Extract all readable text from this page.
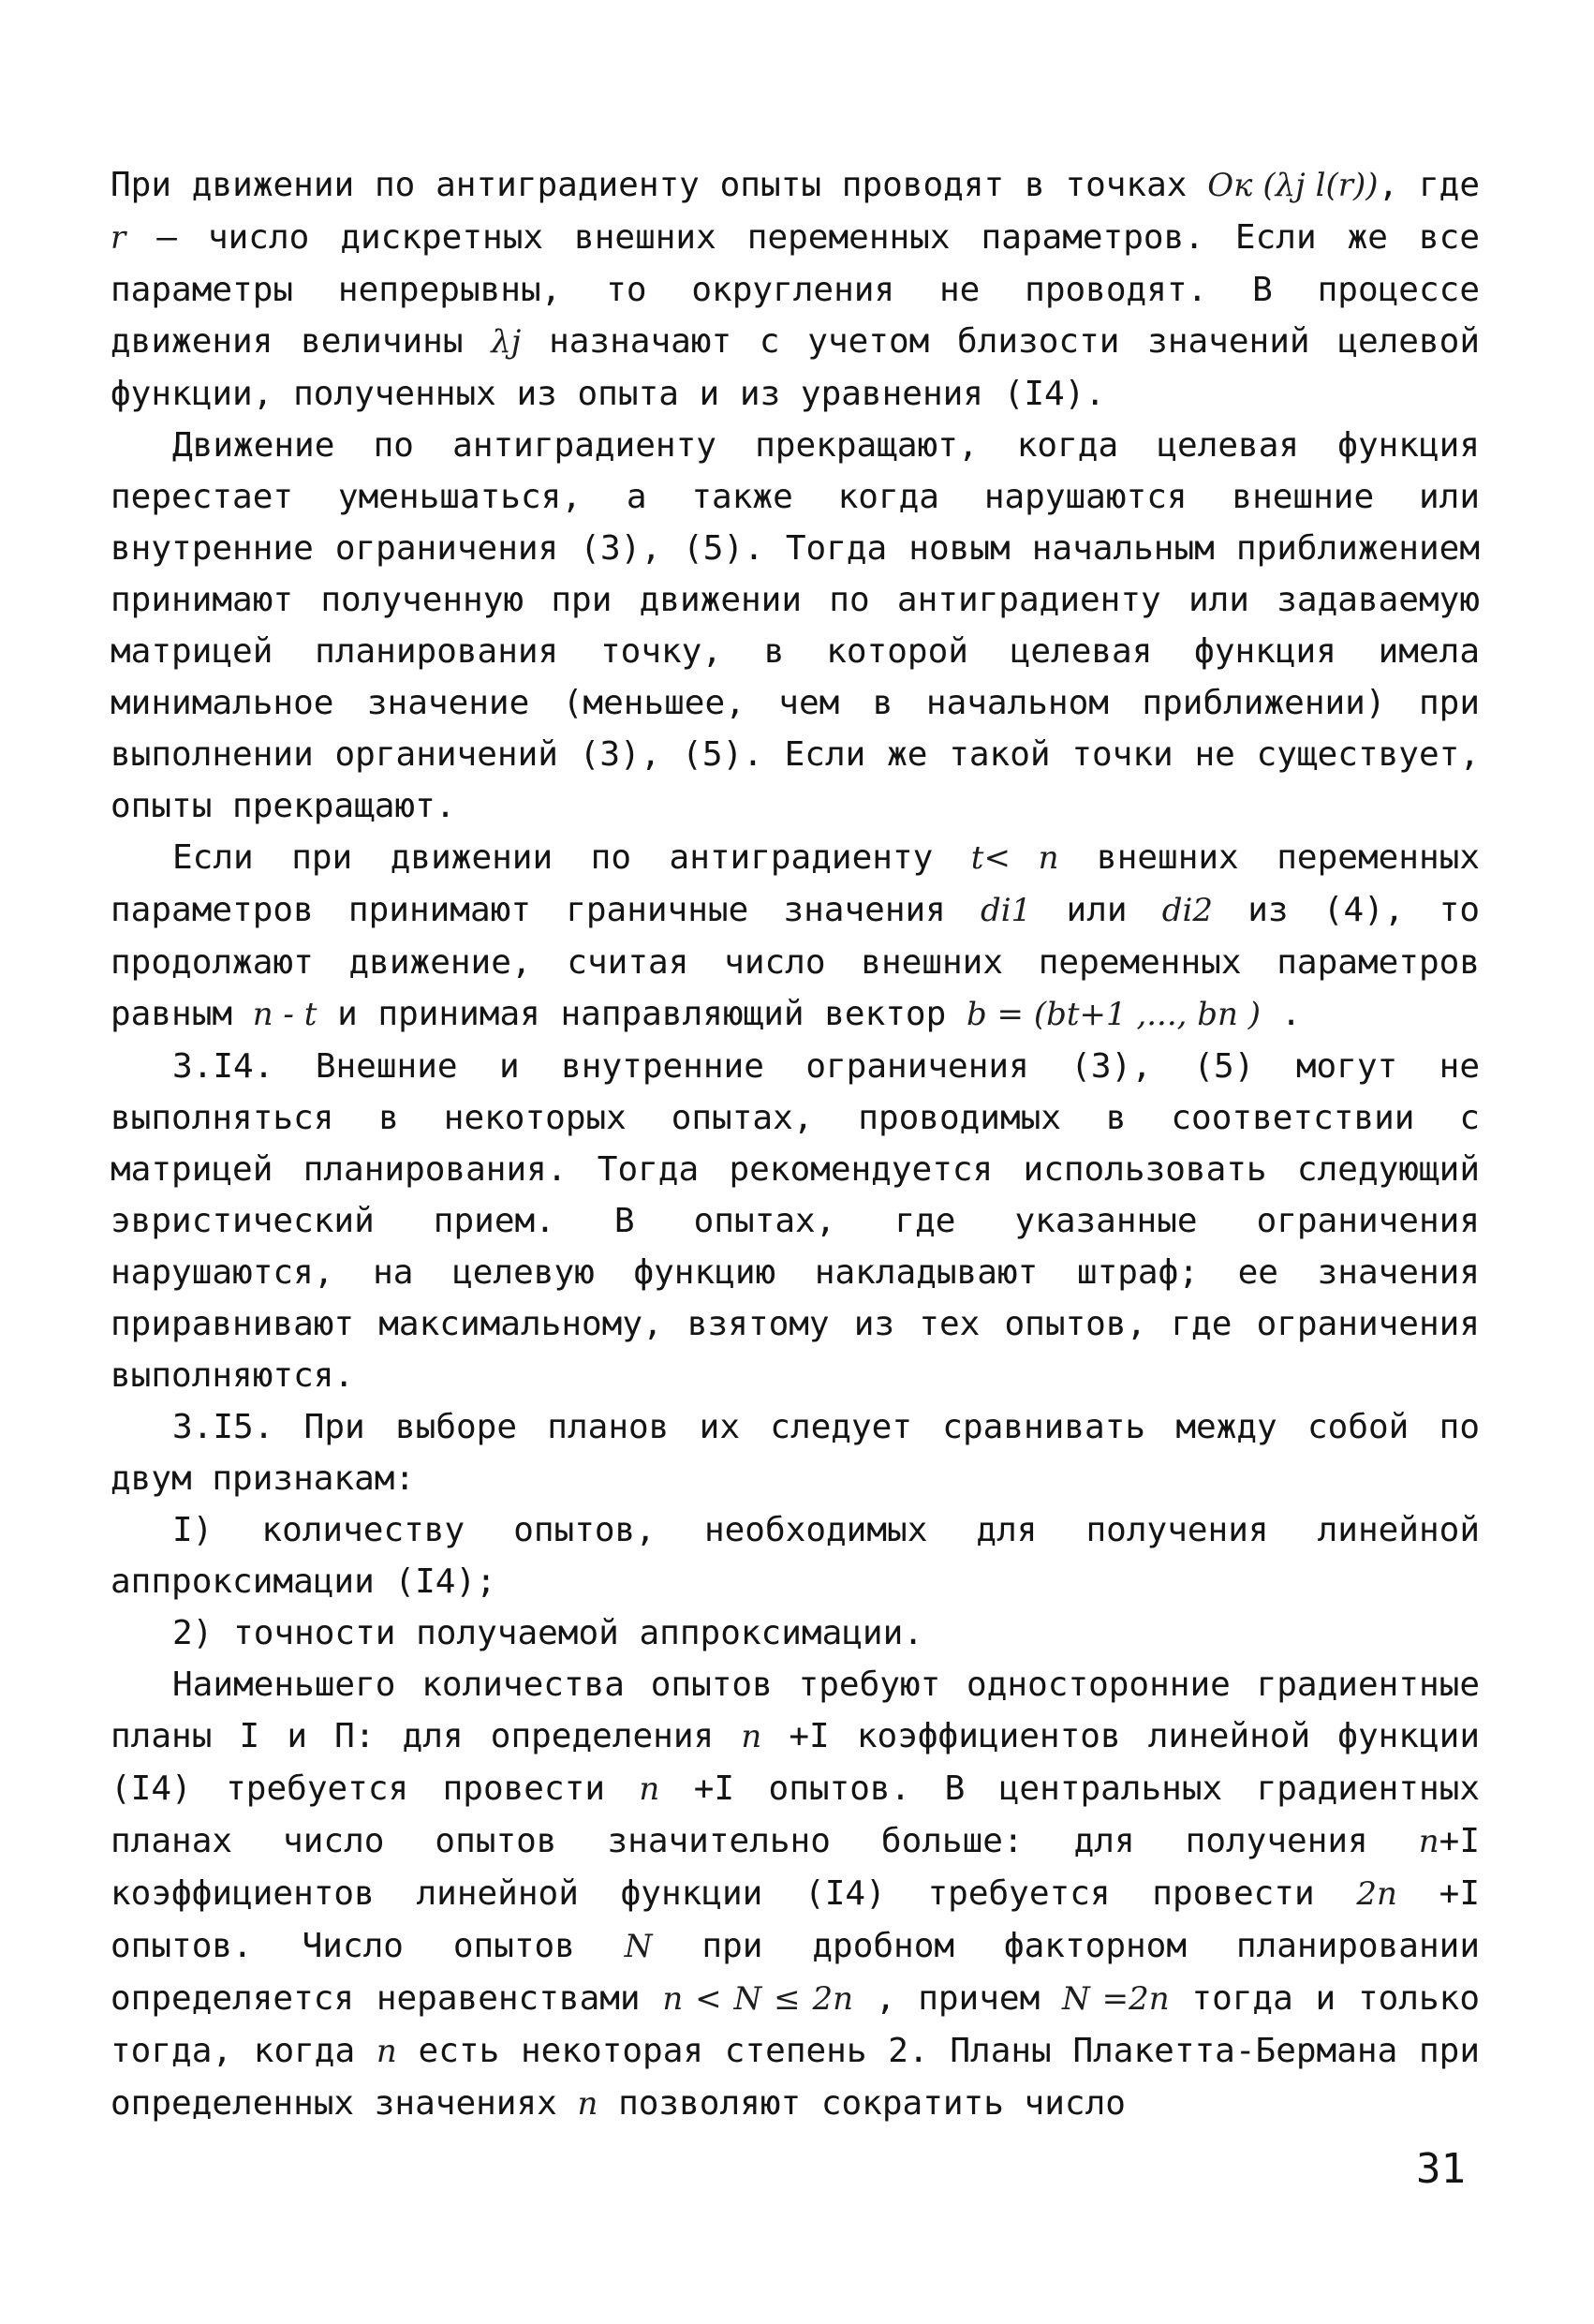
При движении по антиградиенту опыты проводят в точках Oк (λj l(r)), где r – число дискретных внешних переменных параметров. Если же все параметры непрерывны, то округления не проводят. В процессе движения величины λj назначают с учетом близости значений целевой функции, полученных из опыта и из уравнения (I4).

Движение по антиградиенту прекращают, когда целевая функция перестает уменьшаться, а также когда нарушаются внешние или внутренние ограничения (3), (5). Тогда новым начальным приближением принимают полученную при движении по антиградиенту или задаваемую матрицей планирования точку, в которой целевая функция имела минимальное значение (меньшее, чем в начальном приближении) при выполнении органичений (3), (5). Если же такой точки не существует, опыты прекращают.

Если при движении по антиградиенту t< n внешних переменных параметров принимают граничные значения di1 или di2 из (4), то продолжают движение, считая число внешних переменных параметров равным n - t и принимая направляющий вектор b = (bt+1 ,..., bn ) .

3.I4. Внешние и внутренние ограничения (3), (5) могут не выполняться в некоторых опытах, проводимых в соответствии с матрицей планирования. Тогда рекомендуется использовать следующий эвристический прием. В опытах, где указанные ограничения нарушаются, на целевую функцию накладывают штраф; ее значения приравнивают максимальному, взятому из тех опытов, где ограничения выполняются.

3.I5. При выборе планов их следует сравнивать между собой по двум признакам:

I) количеству опытов, необходимых для получения линейной аппроксимации (I4);

2) точности получаемой аппроксимации.

Наименьшего количества опытов требуют односторонние градиентные планы I и П: для определения n +I коэффициентов линейной функции (I4) требуется провести n +I опытов. В центральных градиентных планах число опытов значительно больше: для получения n+I коэффициентов линейной функции (I4) требуется провести 2n +I опытов. Число опытов N при дробном факторном планировании определяется неравенствами n < N ≤ 2n , причем N =2n тогда и только тогда, когда n есть некоторая степень 2. Планы Плакетта-Бермана при определенных значениях n позволяют сократить число

31
